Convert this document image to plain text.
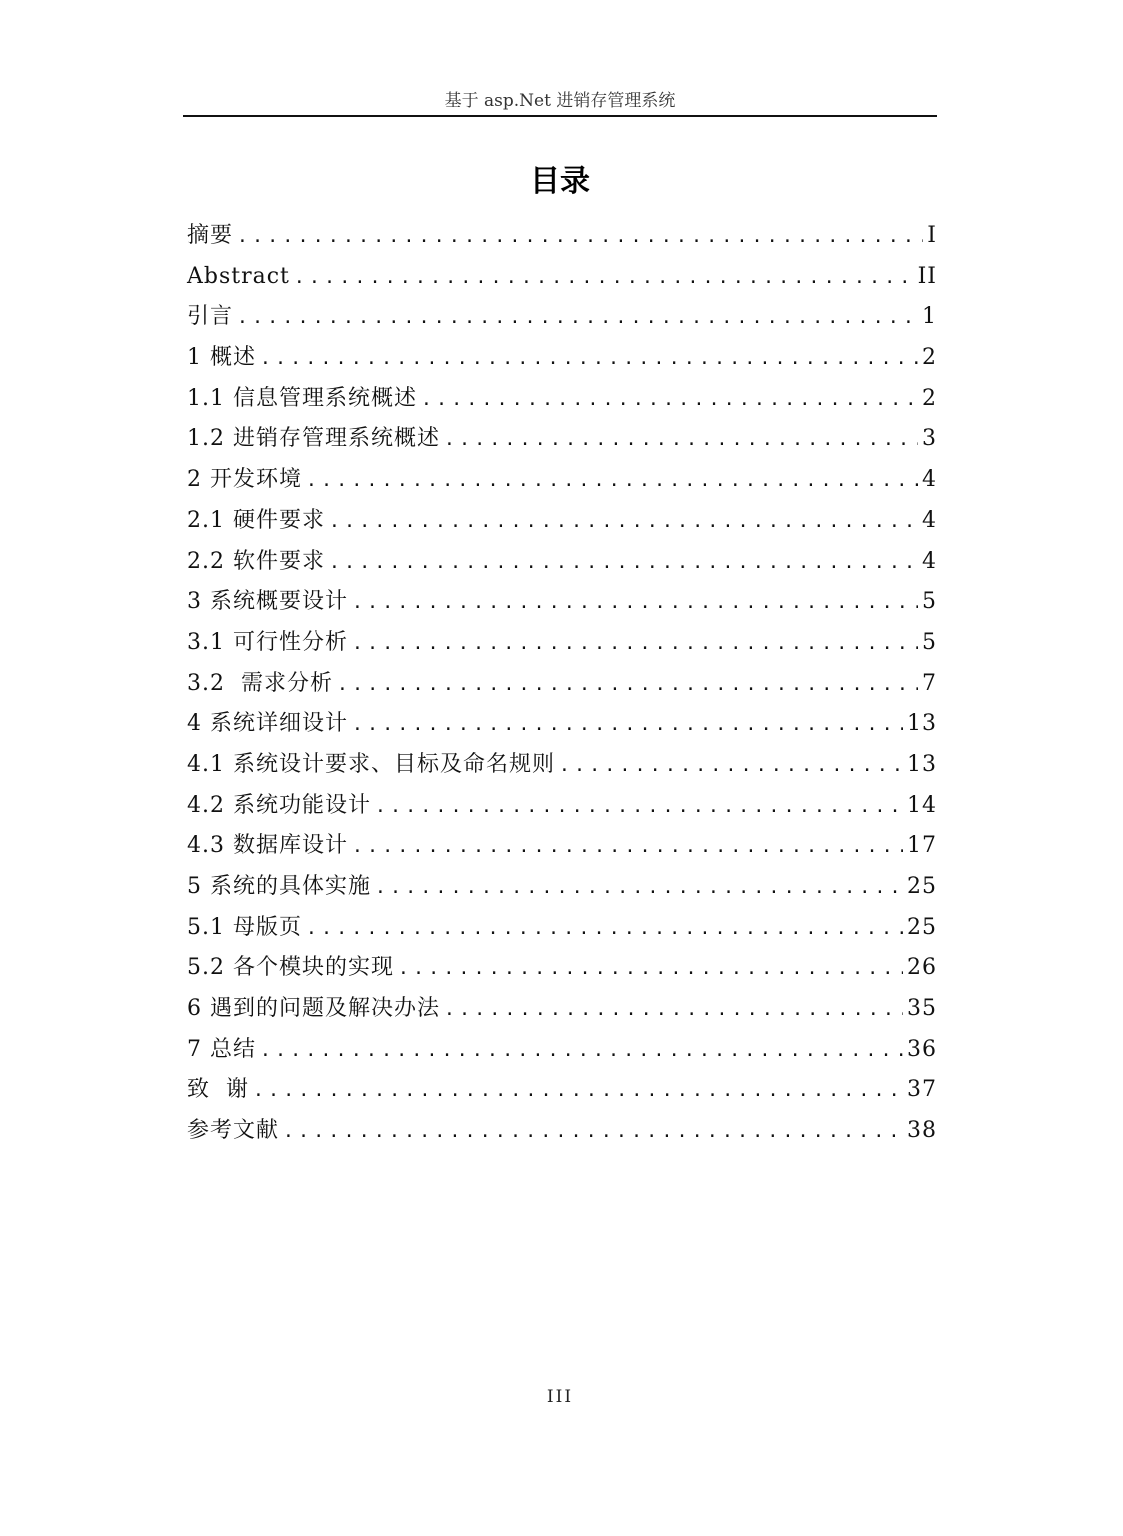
基于 asp.Net 进销存管理系统
目录
摘要 .....	I
Abstract .....	II
引言 .....	1
1 概述 .....	2
1.1 信息管理系统概述 .....	2
1.2 进销存管理系统概述 .....	3
2 开发环境 .....	4
2.1 硬件要求 .....	4
2.2 软件要求 .....	4
3 系统概要设计 .....	5
3.1 可行性分析 .....	5
3.2  需求分析 .....	7
4 系统详细设计 .....	13
4.1 系统设计要求、目标及命名规则 .....	13
4.2 系统功能设计 .....	14
4.3 数据库设计 .....	17
5 系统的具体实施 .....	25
5.1 母版页 .....	25
5.2 各个模块的实现 .....	26
6 遇到的问题及解决办法 .....	35
7 总结 .....	36
致  谢 .....	37
参考文献 .....	38
III
